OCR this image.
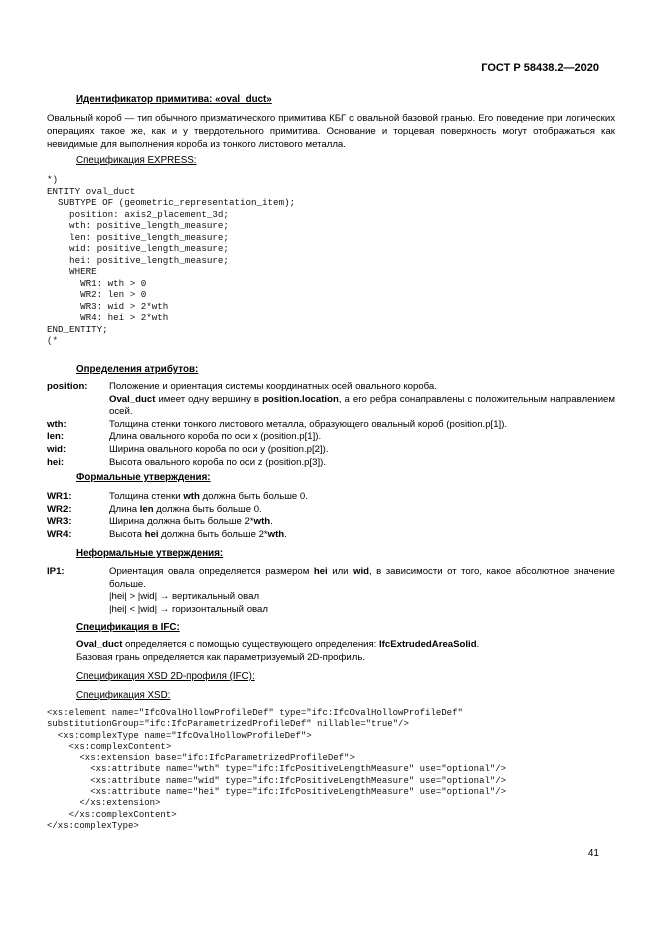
ГОСТ Р 58438.2—2020
Идентификатор примитива: «oval_duct»
Овальный короб — тип обычного призматического примитива КБГ с овальной базовой гранью. Его поведение при логических операциях такое же, как и у твердотельного примитива. Основание и торцевая поверхность могут отображаться как невидимые для выполнения короба из тонкого листового металла.
Спецификация EXPRESS:
*)
ENTITY oval_duct
SUBTYPE OF (geometric_representation_item);
position: axis2_placement_3d;
wth: positive_length_measure;
len: positive_length_measure;
wid: positive_length_measure;
hei: positive_length_measure;
WHERE
WR1: wth > 0
WR2: len > 0
WR3: wid > 2*wth
WR4: hei > 2*wth
END_ENTITY;
(*
Определения атрибутов:
position: Положение и ориентация системы координатных осей овального короба.
Oval_duct имеет одну вершину в position.location, а его ребра сонаправлены с положительным направлением осей.
wth:	Толщина стенки тонкого листового металла, образующего овальный короб (position.p[1]).
len:	Длина овального короба по оси x (position.p[1]).
wid:	Ширина овального короба по оси y (position.p[2]).
hei:	Высота овального короба по оси z (position.p[3]).
Формальные утверждения:
WR1:	Толщина стенки wth должна быть больше 0.
WR2:	Длина len должна быть больше 0.
WR3:	Ширина должна быть больше 2*wth.
WR4:	Высота hei должна быть больше 2*wth.
Неформальные утверждения:
IP1:	Ориентация овала определяется размером hei или wid, в зависимости от того, какое абсолютное значение больше.
|hei| > |wid| → вертикальный овал
|hei| < |wid| → горизонтальный овал
Спецификация в IFC:
Oval_duct определяется с помощью существующего определения: IfcExtrudedAreaSolid.
Базовая грань определяется как параметризуемый 2D-профиль.
Спецификация XSD 2D-профиля (IFC):
Спецификация XSD:
<xs:element name="IfcOvalHollowProfileDef" type="ifc:IfcOvalHollowProfileDef"
substitutionGroup="ifc:IfcParametrizedProfileDef" nillable="true"/>
<xs:complexType name="IfcOvalHollowProfileDef">
<xs:complexContent>
<xs:extension base="ifc:IfcParametrizedProfileDef">
<xs:attribute name="wth" type="ifc:IfcPositiveLengthMeasure" use="optional"/>
<xs:attribute name="wid" type="ifc:IfcPositiveLengthMeasure" use="optional"/>
<xs:attribute name="hei" type="ifc:IfcPositiveLengthMeasure" use="optional"/>
</xs:extension>
</xs:complexContent>
</xs:complexType>
41
